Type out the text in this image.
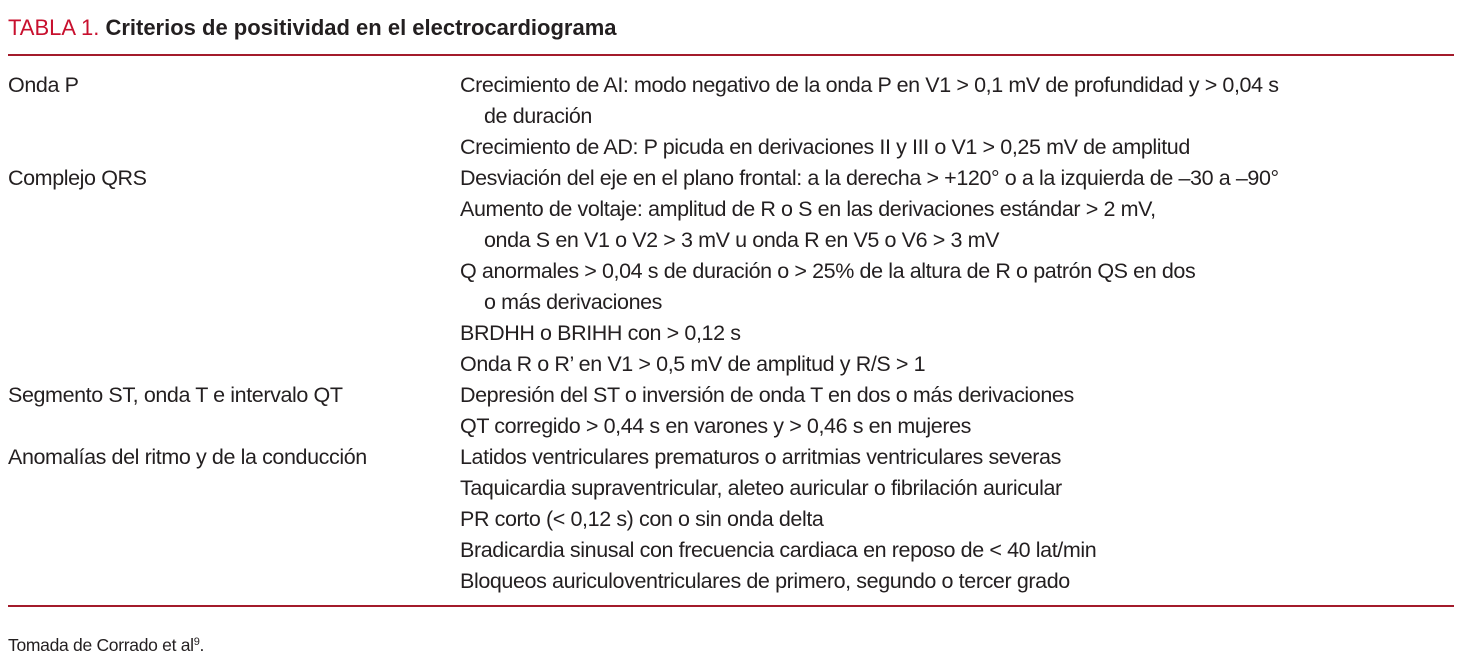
TABLA 1. Criterios de positividad en el electrocardiograma
Onda P	Crecimiento de AI: modo negativo de la onda P en V1 > 0,1 mV de profundidad y > 0,04 s
de duración
Crecimiento de AD: P picuda en derivaciones II y III o V1 > 0,25 mV de amplitud
Complejo QRS	Desviación del eje en el plano frontal: a la derecha > +120° o a la izquierda de –30 a –90°
Aumento de voltaje: amplitud de R o S en las derivaciones estándar > 2 mV,
onda S en V1 o V2 > 3 mV u onda R en V5 o V6 > 3 mV
Q anormales > 0,04 s de duración o > 25% de la altura de R o patrón QS en dos
o más derivaciones
BRDHH o BRIHH con > 0,12 s
Onda R o R’ en V1 > 0,5 mV de amplitud y R/S > 1
Segmento ST, onda T e intervalo QT	Depresión del ST o inversión de onda T en dos o más derivaciones
QT corregido > 0,44 s en varones y > 0,46 s en mujeres
Anomalías del ritmo y de la conducción	Latidos ventriculares prematuros o arritmias ventriculares severas
Taquicardia supraventricular, aleteo auricular o fibrilación auricular
PR corto (< 0,12 s) con o sin onda delta
Bradicardia sinusal con frecuencia cardiaca en reposo de < 40 lat/min
Bloqueos auriculoventriculares de primero, segundo o tercer grado
Tomada de Corrado et $al^9$.
